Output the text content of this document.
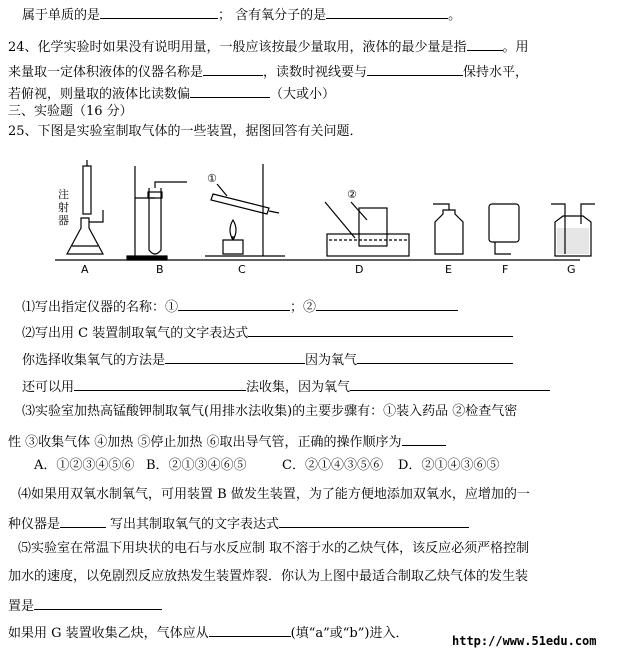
属于单质的是	； 含有氧分子的是	。
24、化学实验时如果没有说明用量，一般应该按最少量取用，液体的最少量是指	。用
来量取一定体积液体的仪器名称是	，读数时视线要与	保持水平，
若俯视，则量取的液体比读数偏	（大或小）
三、实验题（16 分）
25、下图是实验室制取气体的一些装置，据图回答有关问题．
注
射
器
A	B
①
C
②
D	E	F	G
⑴写出指定仪器的名称：①	；②
⑵写出用 C 装置制取氧气的文字表达式
你选择收集氧气的方法是	因为氧气
还可以用	法收集，因为氧气
⑶实验室加热高锰酸钾制取氧气(用排水法收集)的主要步骤有：①装入药品 ②检查气密
性 ③收集气体 ④加热 ⑤停止加热 ⑥取出导气管，正确的操作顺序为
A．①②③④⑤⑥ B．②①③④⑥⑤	C．②①④③⑤⑥ D．②①④③⑥⑤
⑷如果用双氧水制氧气，可用装置 B 做发生装置，为了能方便地添加双氧水，应增加的一
种仪器是	写出其制取氧气的文字表达式
⑸实验室在常温下用块状的电石与水反应制 取不溶于水的乙炔气体，该反应必须严格控制
加水的速度，以免剧烈反应放热发生装置炸裂．你认为上图中最适合制取乙炔气体的发生装
置是
如果用 G 装置收集乙炔，气体应从	(填“a”或“b”)进入．	http://www.51edu.com
